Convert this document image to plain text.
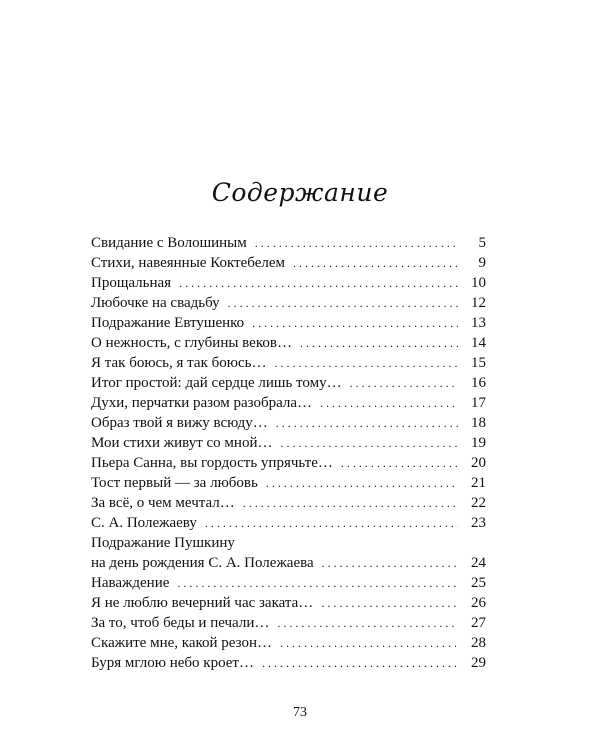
Содержание
Свидание с Волошиным . . .	5
Стихи, навеянные Коктебелем . . .	9
Прощальная . . .	10
Любочке на свадьбу . . .	12
Подражание Евтушенко . . .	13
О нежность, с глубины веков… . . .	14
Я так боюсь, я так боюсь… . . .	15
Итог простой: дай сердце лишь тому… . . .	16
Духи, перчатки разом разобрала… . . .	17
Образ твой я вижу всюду… . . .	18
Мои стихи живут со мной… . . .	19
Пьера Санна, вы гордость упрячьте… . . .	20
Тост первый — за любовь . . .	21
За всё, о чем мечтал… . . .	22
С. А. Полежаеву . . .	23
Подражание Пушкину
на день рождения С. А. Полежаева . . .	24
Наваждение . . .	25
Я не люблю вечерний час заката… . . .	26
За то, чтоб беды и печали… . . .	27
Скажите мне, какой резон… . . .	28
Буря мглою небо кроет… . . .	29
73
